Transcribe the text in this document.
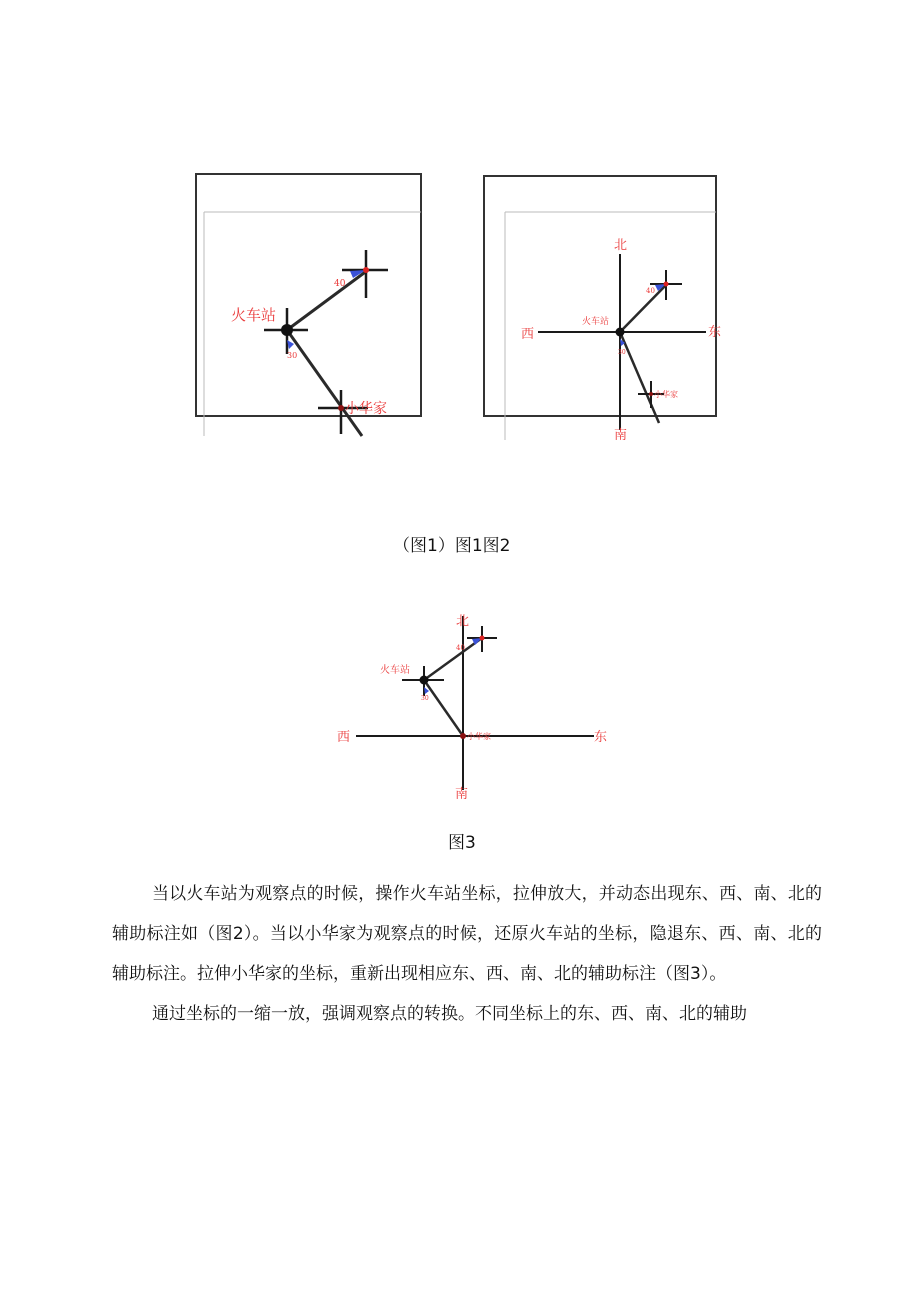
40
火车站
30
小华家
北
南
西	东
40
火车站
30
小华家
（图1）图1图2
北
南
西	东
40
火车站
30
小华家
图3

当以火车站为观察点的时候，操作火车站坐标，拉伸放大，并动态出现东、西、南、北的辅助标注如（图2）。当以小华家为观察点的时候，还原火车站的坐标，隐退东、西、南、北的辅助标注。拉伸小华家的坐标，重新出现相应东、西、南、北的辅助标注（图3）。

通过坐标的一缩一放，强调观察点的转换。不同坐标上的东、西、南、北的辅助
